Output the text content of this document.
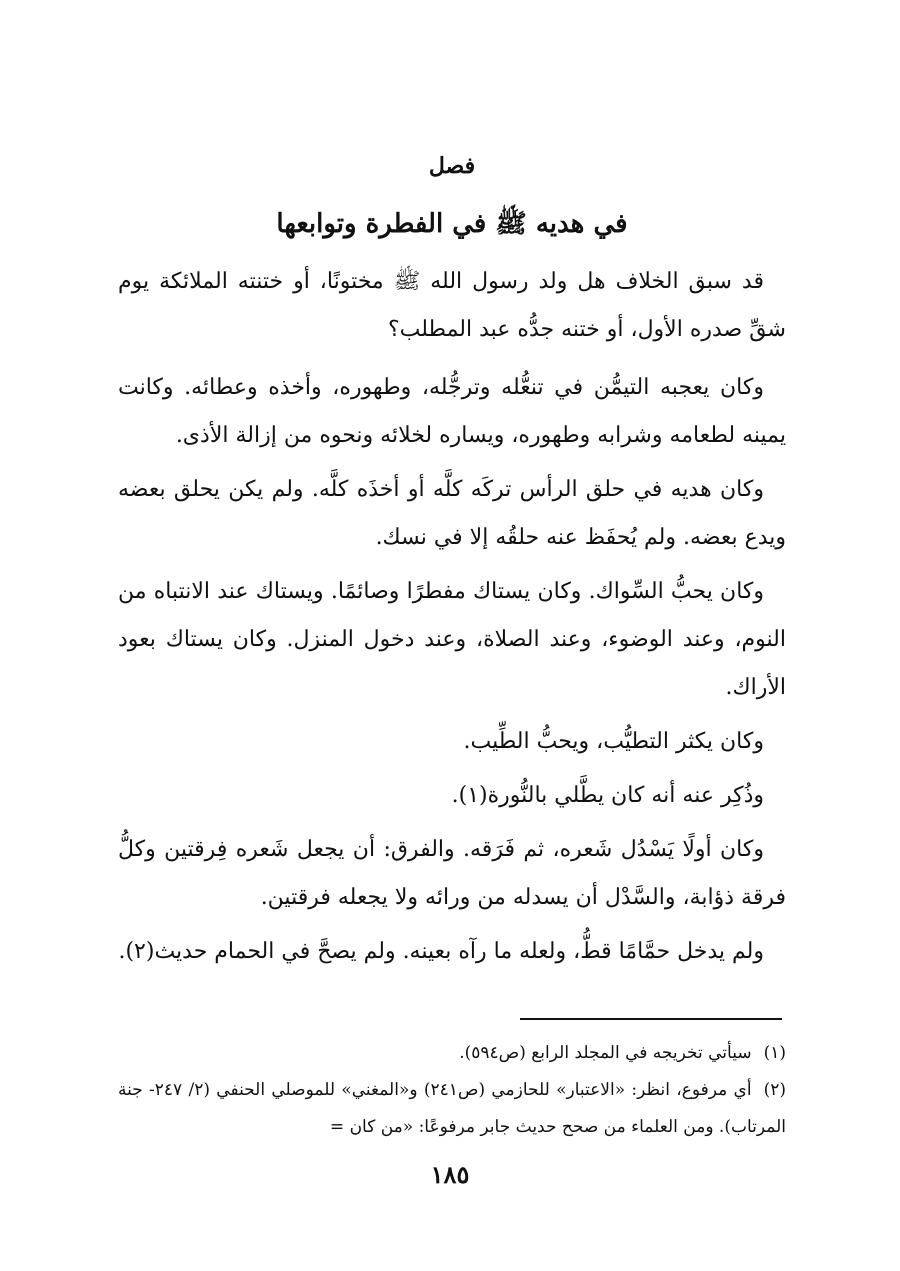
فصل
في هديه ﷺ في الفطرة وتوابعها

قد سبق الخلاف هل ولد رسول الله ﷺ مختونًا، أو ختنته الملائكة يوم شقِّ صدره الأول، أو ختنه جدُّه عبد المطلب؟

وكان يعجبه التيمُّن في تنعُّله وترجُّله، وطهوره، وأخذه وعطائه. وكانت يمينه لطعامه وشرابه وطهوره، ويساره لخلائه ونحوه من إزالة الأذى.

وكان هديه في حلق الرأس تركَه كلَّه أو أخذَه كلَّه. ولم يكن يحلق بعضه ويدع بعضه. ولم يُحفَظ عنه حلقُه إلا في نسك.

وكان يحبُّ السِّواك. وكان يستاك مفطرًا وصائمًا. ويستاك عند الانتباه من النوم، وعند الوضوء، وعند الصلاة، وعند دخول المنزل. وكان يستاك بعود الأراك.

وكان يكثر التطيُّب، ويحبُّ الطِّيب.

وذُكِر عنه أنه كان يطَّلي بالنُّورة(١).

وكان أولًا يَسْدُل شَعره، ثم فَرَقه. والفرق: أن يجعل شَعره فِرقتين وكلُّ فرقة ذؤابة، والسَّدْل أن يسدله من ورائه ولا يجعله فرقتين.

ولم يدخل حمَّامًا قطُّ، ولعله ما رآه بعينه. ولم يصحَّ في الحمام حديث(٢).

(١)سيأتي تخريجه في المجلد الرابع (ص٥٩٤).

(٢)أي مرفوع، انظر: «الاعتبار» للحازمي (ص٢٤١) و«المغني» للموصلي الحنفي (٢/ ٢٤٧- جنة المرتاب). ومن العلماء من صحح حديث جابر مرفوعًا: «من كان =

١٨٥
